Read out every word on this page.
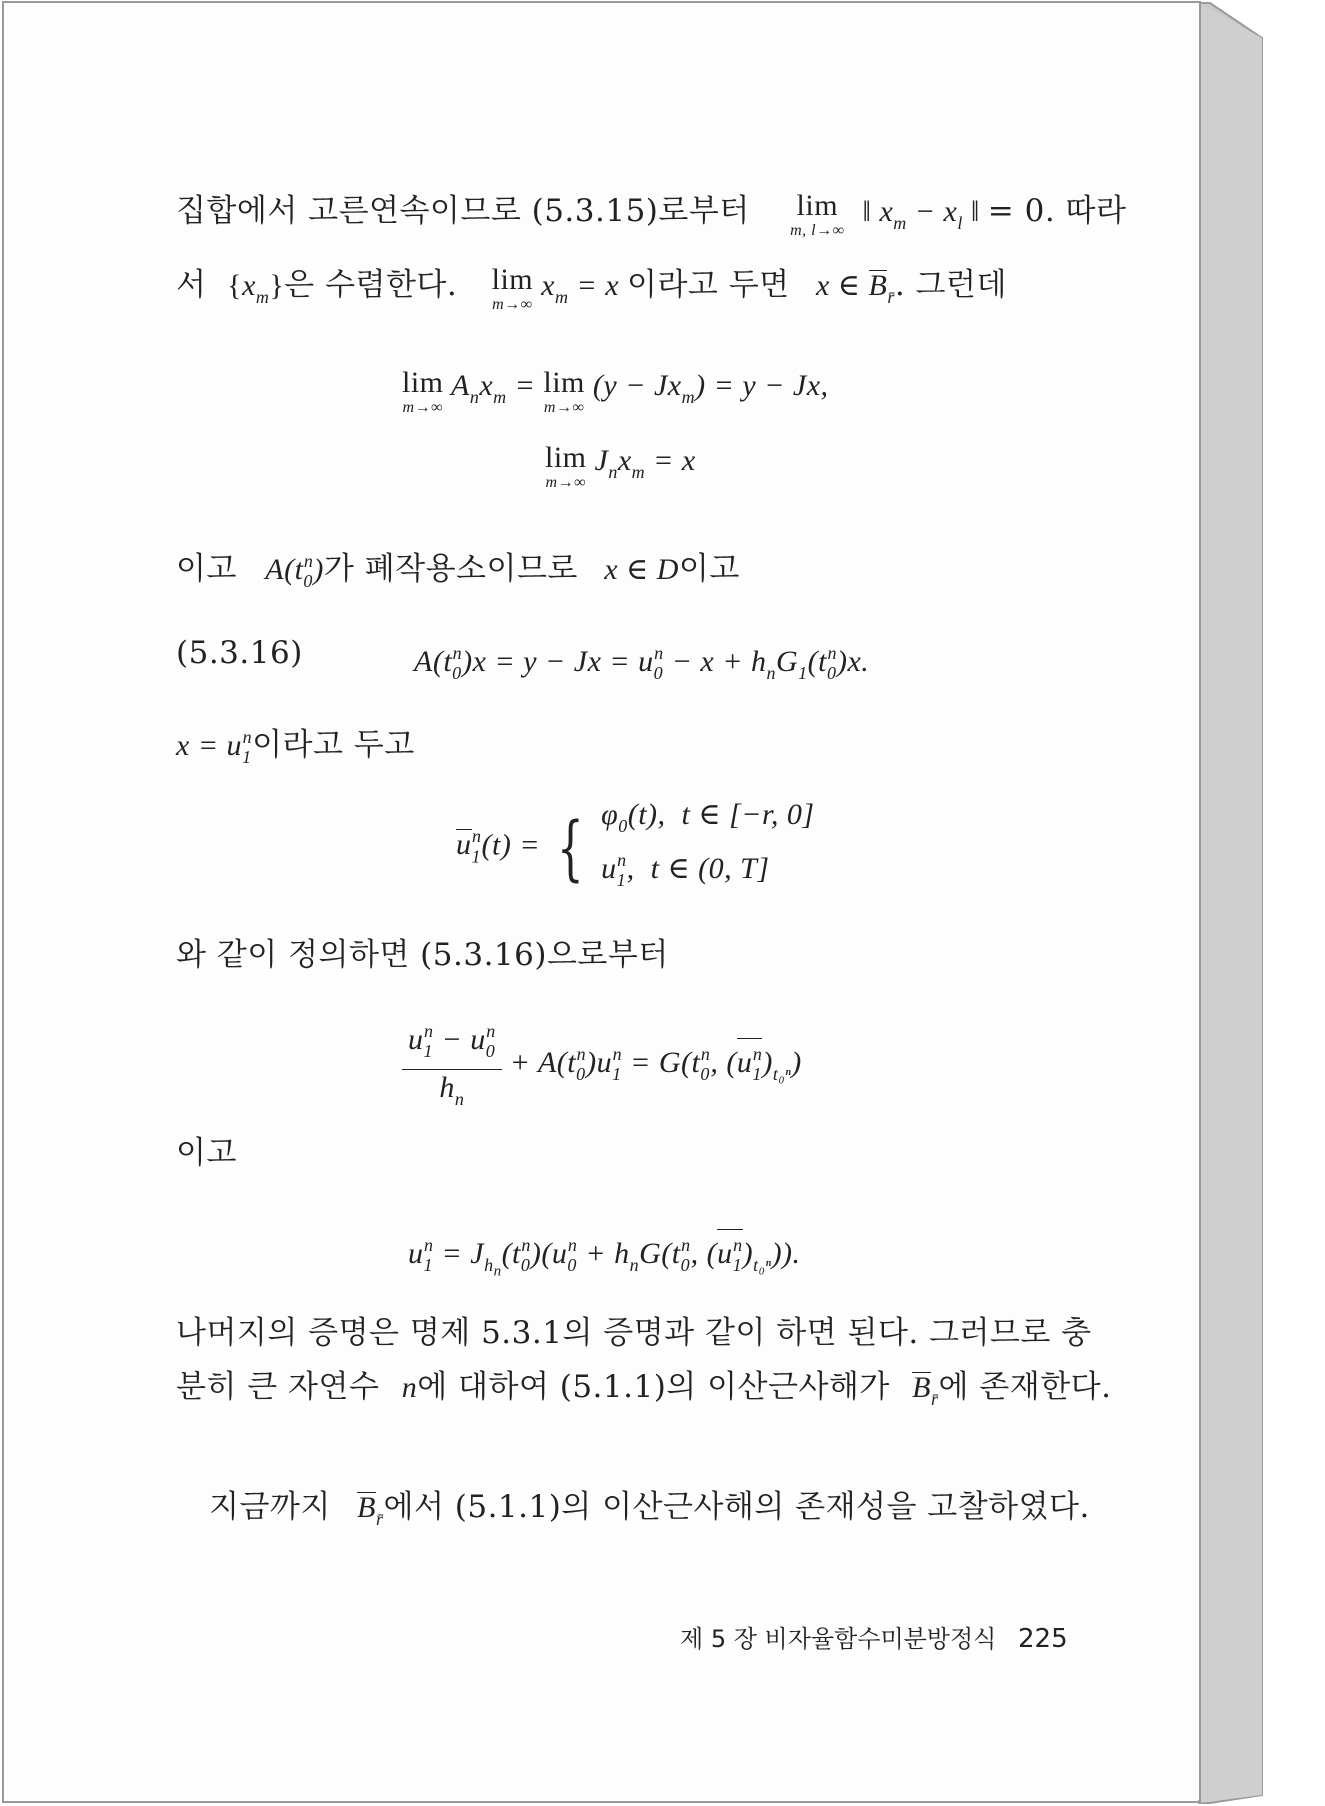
집합에서 고른연속이므로 (5.3.15)로부터 lim
m, l→∞
‖ $x_m - x_l$ ‖ = 0. 따라
서  $\{x_m\}$은 수렴한다. lim
m→∞
$x_m = x$ 이라고 두면 x ∈ $B_{r̄}$. 그런데
lim
m→∞
$A_nx_m = \lim$
m→∞
$(y - Jx_m) = y - Jx$,
lim
m→∞
$J_nx_m = x$
이고 $A(t_0^n)$가 폐작용소이므로 x ∈ D이고
(5.3.16)	$A(t_0^n)x = y - Jx = u_0^n - x + h_nG_1(t_0^n)x$.
$x = u_1^n$이라고 두고
$u_1^n(t)$ = { $\varphi_0(t)$,  t ∈ [−r, 0]
$u_1^n$,  t ∈ (0, T]
와 같이 정의하면 (5.3.16)으로부터
$\frac{u_1^n - u_0^n}{h_n} + A(t_0^n)u_1^n = G(t_0^n$, $(u_1^n)_{t_0^n}$)
이고
$u_1^n = J_{h_n}(t_0^n)(u_0^n + h_nG(t_0^n$, $(u_1^n)_{t_0^n}$)).
나머지의 증명은 명제 5.3.1의 증명과 같이 하면 된다. 그러므로 충
분히 큰 자연수 n에 대하여 (5.1.1)의 이산근사해가 $B_{r̄}$에 존재한다.
지금까지 $B_{r̄}$에서 (5.1.1)의 이산근사해의 존재성을 고찰하였다.
제 5 장 비자율함수미분방정식 225
